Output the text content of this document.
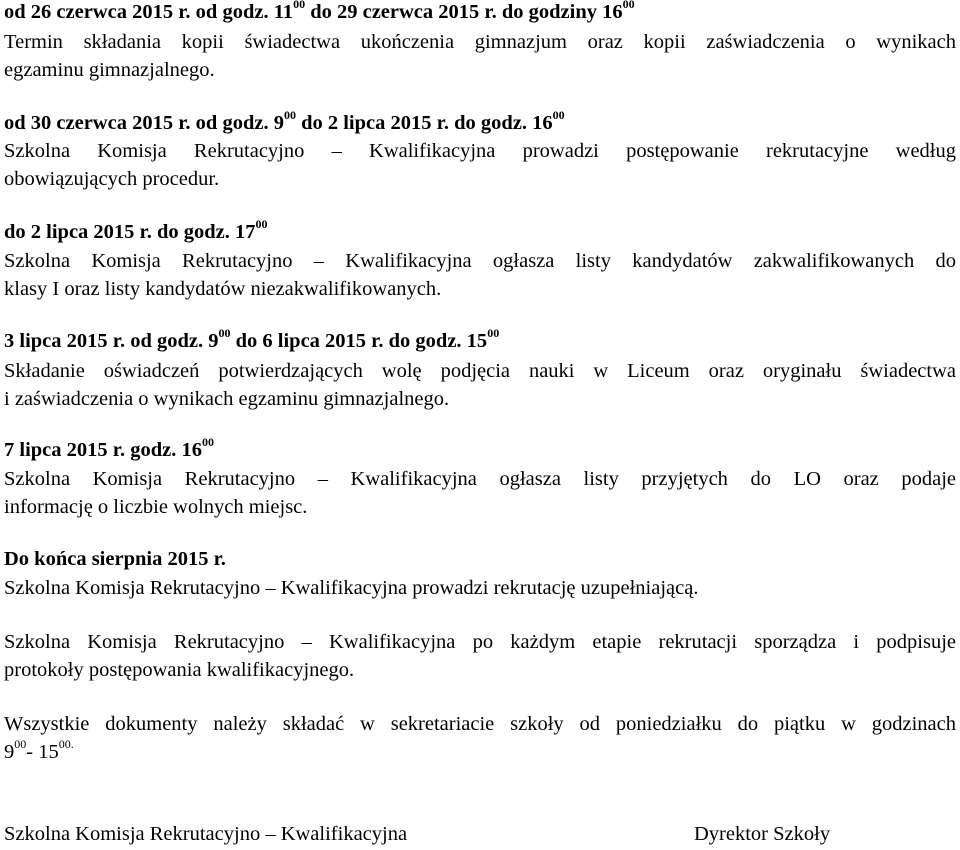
od 26 czerwca 2015 r. od godz. $11^{00}$ do 29 czerwca 2015 r. do godziny $16^{00}$
Termin składania kopii świadectwa ukończenia gimnazjum oraz kopii zaświadczenia o wynikach
egzaminu gimnazjalnego.
od 30 czerwca 2015 r. od godz. $9^{00}$ do 2 lipca 2015 r. do godz. $16^{00}$
Szkolna Komisja Rekrutacyjno – Kwalifikacyjna prowadzi postępowanie rekrutacyjne według
obowiązujących procedur.
do 2 lipca 2015 r. do godz. $17^{00}$
Szkolna Komisja Rekrutacyjno – Kwalifikacyjna ogłasza listy kandydatów zakwalifikowanych do
klasy I oraz listy kandydatów niezakwalifikowanych.
3 lipca 2015 r. od godz. $9^{00}$ do 6 lipca 2015 r. do godz. $15^{00}$
Składanie oświadczeń potwierdzających wolę podjęcia nauki w Liceum oraz oryginału świadectwa
i zaświadczenia o wynikach egzaminu gimnazjalnego.
7 lipca 2015 r. godz. $16^{00}$
Szkolna Komisja Rekrutacyjno – Kwalifikacyjna ogłasza listy przyjętych do LO oraz podaje
informację o liczbie wolnych miejsc.
Do końca sierpnia 2015 r.
Szkolna Komisja Rekrutacyjno – Kwalifikacyjna prowadzi rekrutację uzupełniającą.
Szkolna Komisja Rekrutacyjno – Kwalifikacyjna po każdym etapie rekrutacji sporządza i podpisuje
protokoły postępowania kwalifikacyjnego.
Wszystkie dokumenty należy składać w sekretariacie szkoły od poniedziałku do piątku w godzinach
$9^{00}-$ $15^{00.}$
Szkolna Komisja Rekrutacyjno – Kwalifikacyjna	Dyrektor Szkoły
